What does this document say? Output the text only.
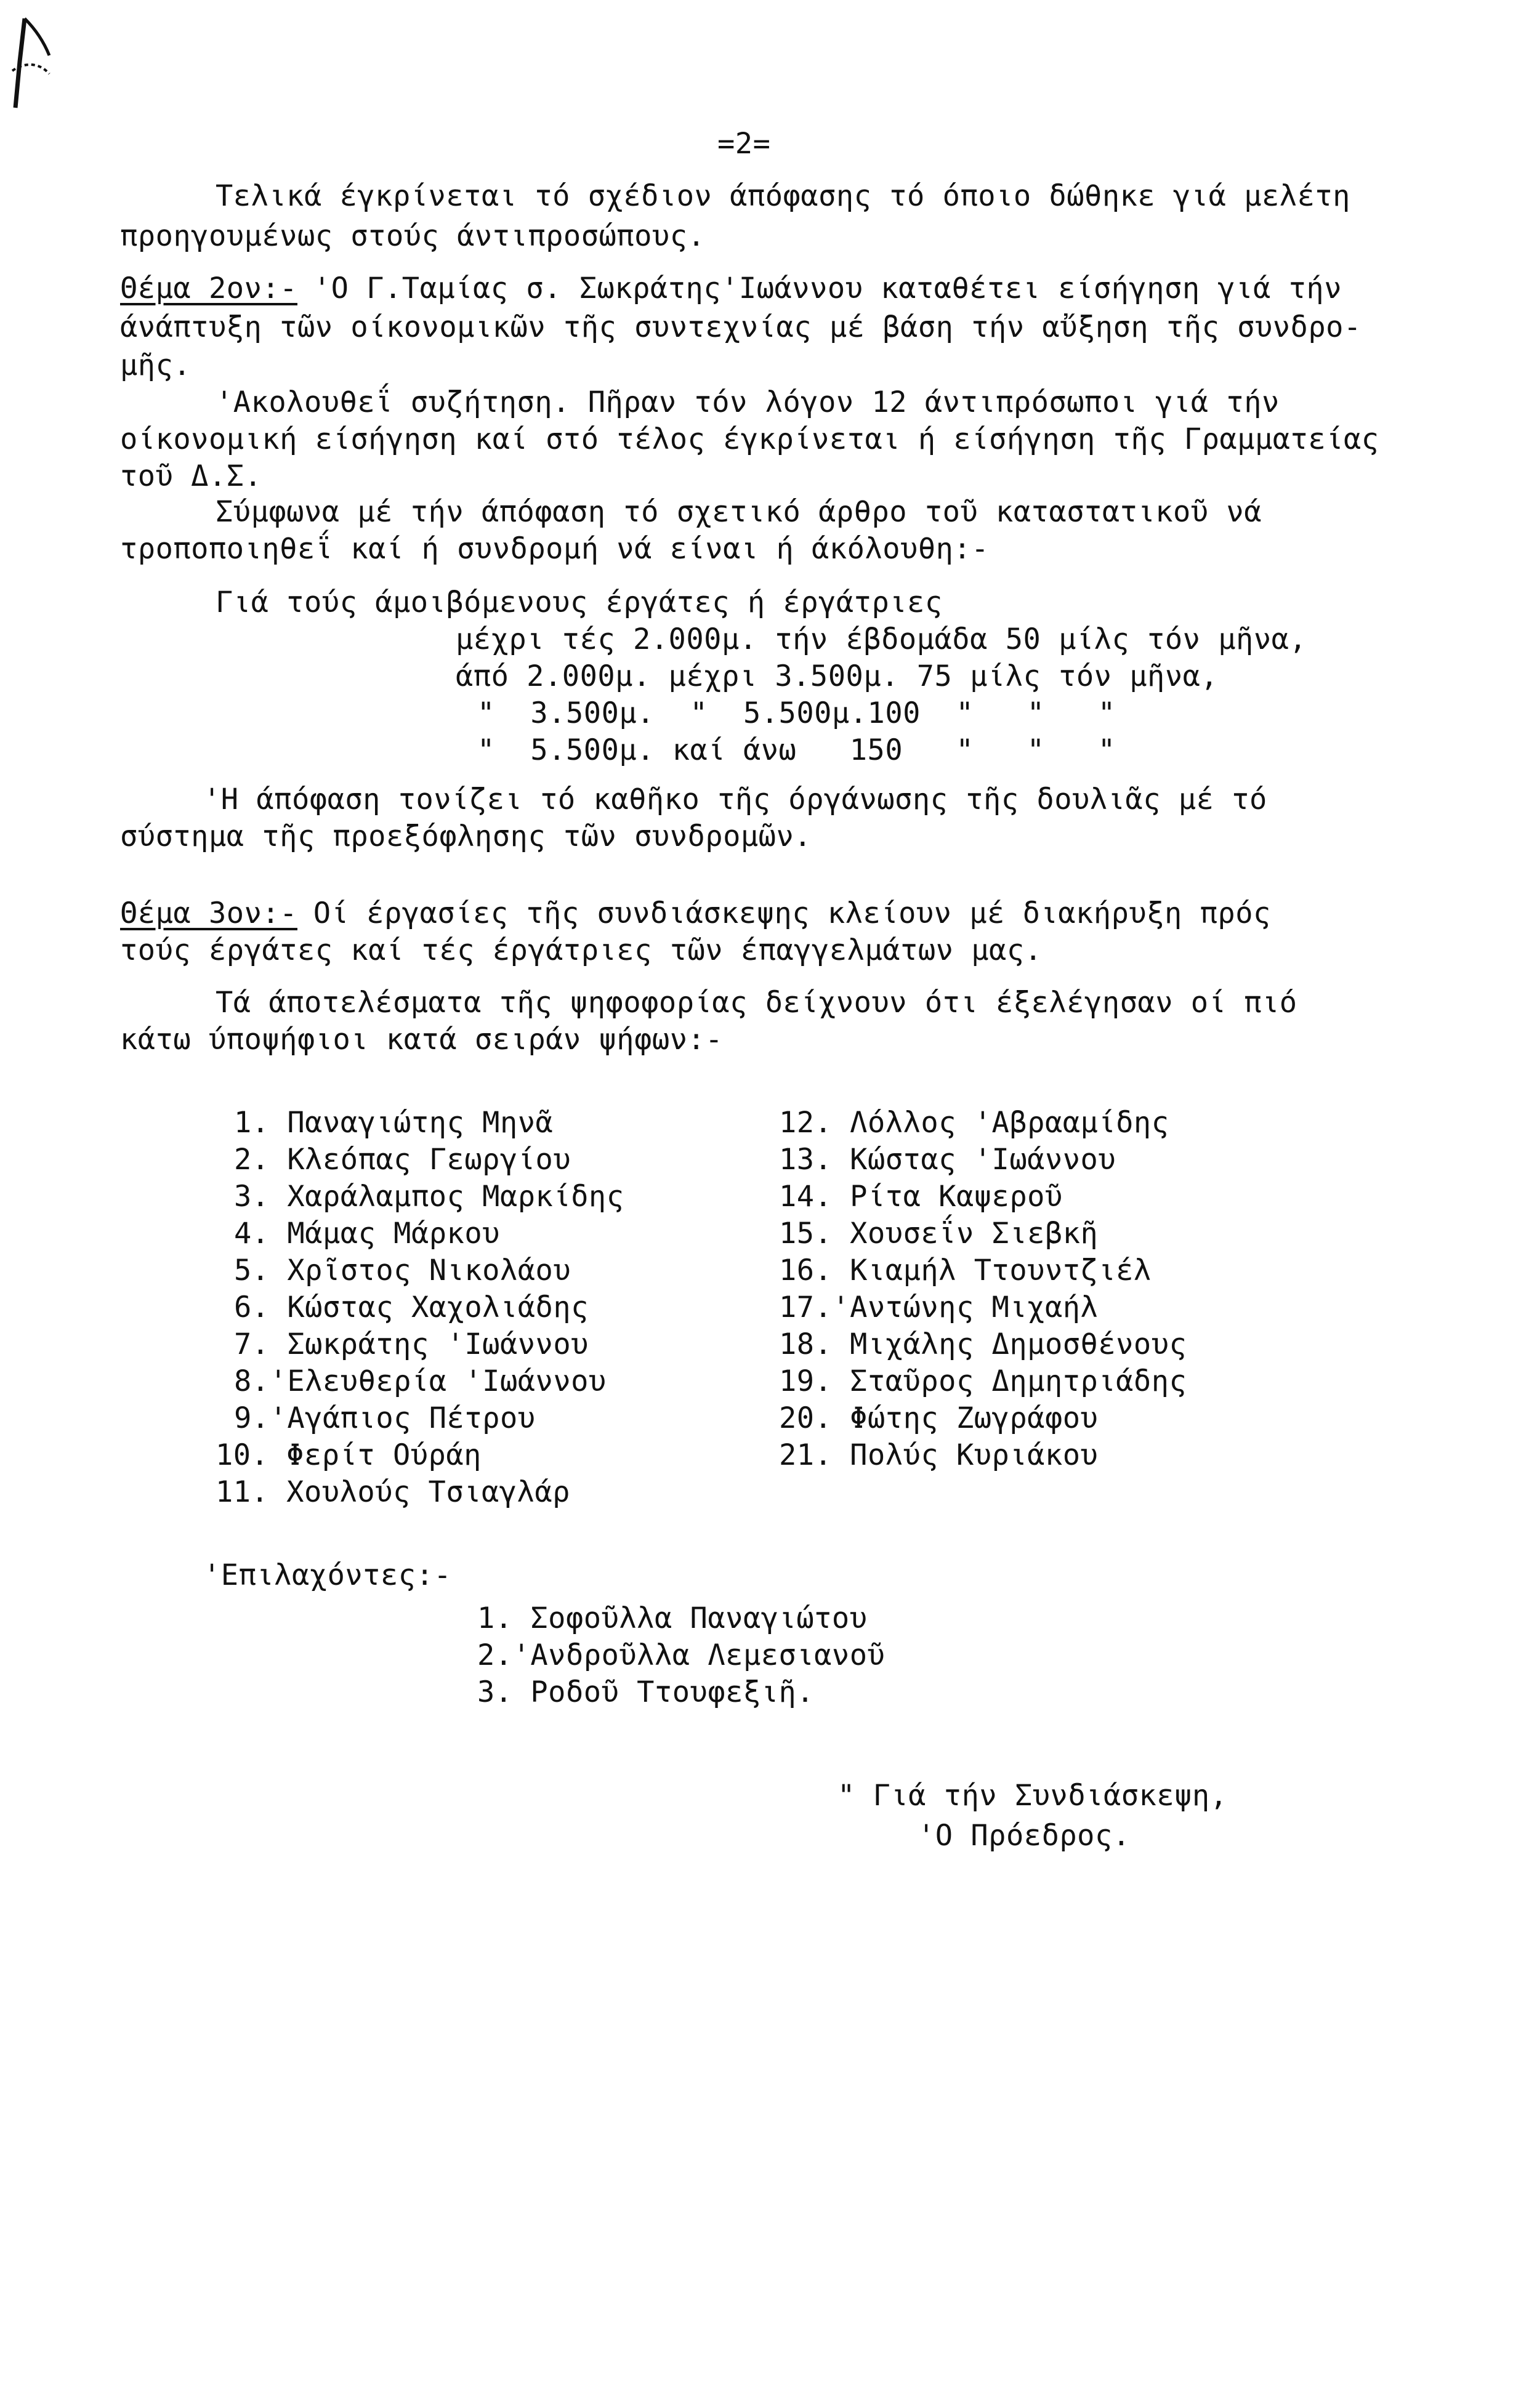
=2=
Τελικά έγκρίνεται τό σχέδιον άπόφασης τό όποιο δώθηκε γιά μελέτη
προηγουμένως στούς άντιπροσώπους.
Θέμα 2ον:-
'Ο Γ.Ταμίας σ. Σωκράτης'Ιωάννου καταθέτει είσήγηση γιά τήν
άνάπτυξη τῶν οίκονομικῶν τῆς συντεχνίας μέ βάση τήν αὔξηση τῆς συνδρο-
μῆς.
'Ακολουθεΐ συζήτηση. Πῆραν τόν λόγον 12 άντιπρόσωποι γιά τήν
οίκονομική είσήγηση καί στό τέλος έγκρίνεται ή είσήγηση τῆς Γραμματείας
τοῦ Δ.Σ.
Σύμφωνα μέ τήν άπόφαση τό σχετικό άρθρο τοῦ καταστατικοῦ νά
τροποποιηθεΐ καί ή συνδρομή νά είναι ή άκόλουθη:-
Γιά τούς άμοιβόμενους έργάτες ή έργάτριες
μέχρι τές 2.000μ. τήν έβδομάδα 50 μίλς τόν μῆνα,
άπό 2.000μ. μέχρι 3.500μ. 75 μίλς τόν μῆνα,
"  3.500μ.  "  5.500μ.100  "   "   "
"  5.500μ. καί άνω   150   "   "   "
'Η άπόφαση τονίζει τό καθῆκο τῆς όργάνωσης τῆς δουλιᾶς μέ τό
σύστημα τῆς προεξόφλησης τῶν συνδρομῶν.
Θέμα 3ον:-
Οί έργασίες τῆς συνδιάσκεψης κλείουν μέ διακήρυξη πρός
τούς έργάτες καί τές έργάτριες τῶν έπαγγελμάτων μας.
Τά άποτελέσματα τῆς ψηφοφορίας δείχνουν ότι έξελέγησαν οί πιό
κάτω ύποψήφιοι κατά σειράν ψήφων:-
1. Παναγιώτης Μηνᾶ
2. Κλεόπας Γεωργίου
3. Χαράλαμπος Μαρκίδης
4. Μάμας Μάρκου
5. Χρῖστος Νικολάου
6. Κώστας Χαχολιάδης
7. Σωκράτης 'Ιωάννου
8.'Ελευθερία 'Ιωάννου
9.'Αγάπιος Πέτρου
10. Φερίτ Ούράη
11. Χουλούς Τσιαγλάρ
12. Λόλλος 'Αβρααμίδης
13. Κώστας 'Ιωάννου
14. Ρίτα Καψεροῦ
15. Χουσεΐν Σιεβκῆ
16. Κιαμήλ Ττουντζιέλ
17.'Αντώνης Μιχαήλ
18. Μιχάλης Δημοσθένους
19. Σταῦρος Δημητριάδης
20. Φώτης Ζωγράφου
21. Πολύς Κυριάκου
'Επιλαχόντες:-
1. Σοφοῦλλα Παναγιώτου
2.'Ανδροῦλλα Λεμεσιανοῦ
3. Ροδοῦ Ττουφεξιῆ.
" Γιά τήν Συνδιάσκεψη,
'Ο Πρόεδρος.
